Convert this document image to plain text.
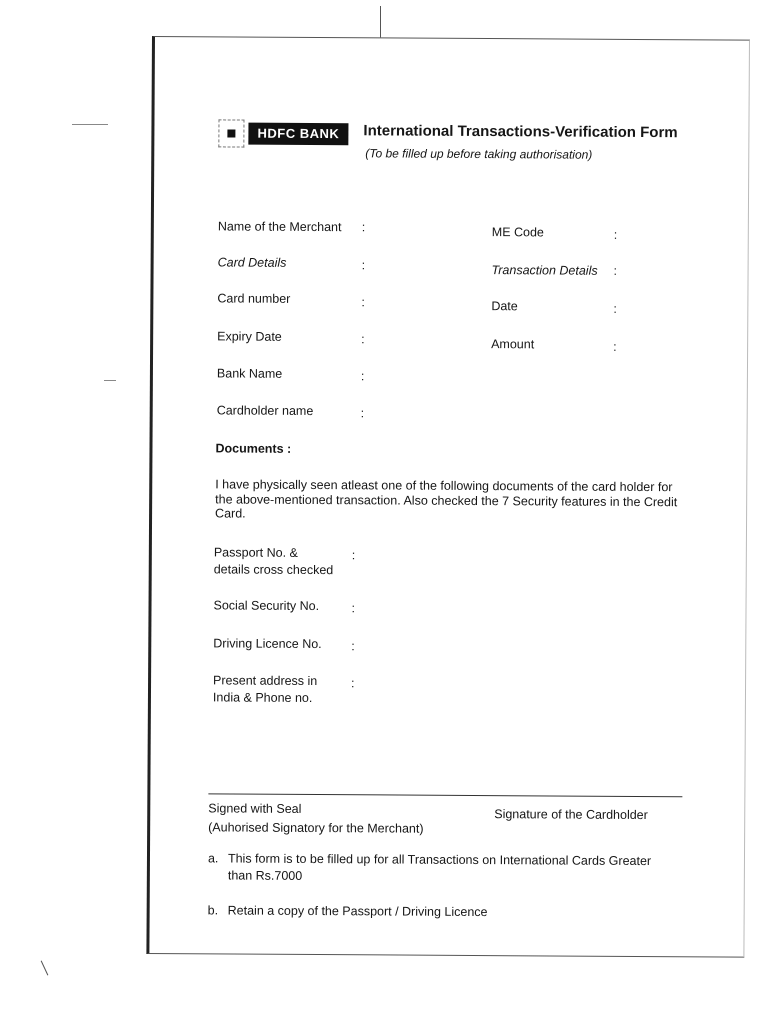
HDFC BANK	International Transactions-Verification Form
(To be filled up before taking authorisation)
Name of the Merchant :
Card Details	:
Card number	:
Expiry Date	:
Bank Name	:
Cardholder name	:
ME Code	:
Transaction Details :
Date	:
Amount	:
Documents :
I have physically seen atleast one of the following documents of the card holder for the above-mentioned transaction. Also checked the 7 Security features in the Credit Card.
Passport No. &
details cross checked
:
Social Security No.	:
Driving Licence No. :
Present address in
India & Phone no.
:
Signed with Seal
(Auhorised Signatory for the Merchant)
Signature of the Cardholder
a. This form is to be filled up for all Transactions on International Cards Greater
than Rs.7000
b. Retain a copy of the Passport / Driving Licence
